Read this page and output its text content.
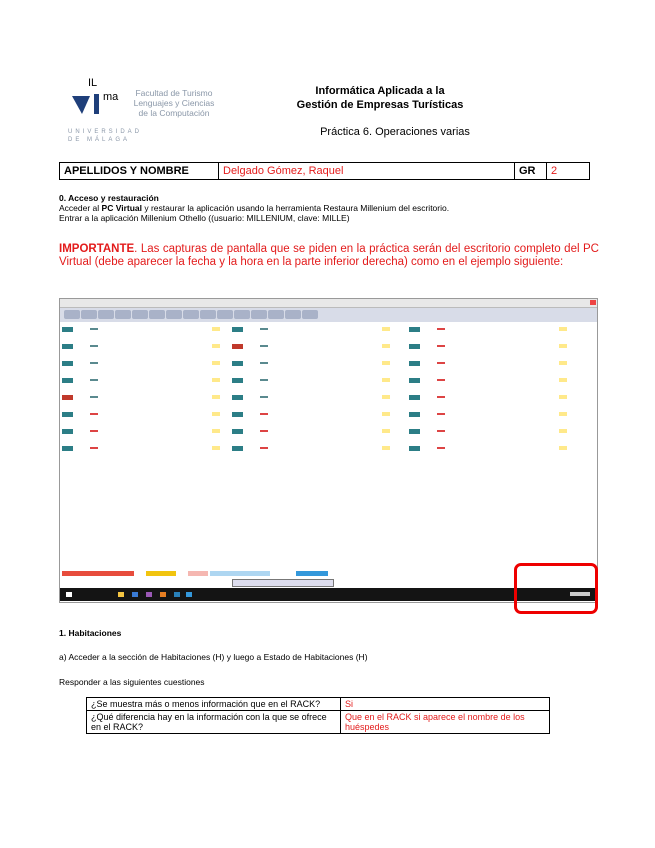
IL
ma	Facultad de Turismo
Lenguajes y Ciencias
de la Computación
UNIVERSIDAD
DE MÁLAGA
Informática Aplicada a la
Gestión de Empresas Turísticas
Práctica 6. Operaciones varias
APELLIDOS Y NOMBRE	Delgado Gómez, Raquel	GR	2
0. Acceso y restauración
Acceder al PC Virtual y restaurar la aplicación usando la herramienta Restaura Millenium del escritorio.
Entrar a la aplicación Millenium Othello ((usuario: MILLENIUM, clave: MILLE)
IMPORTANTE. Las capturas de pantalla que se piden en la práctica serán del escritorio completo del PC Virtual (debe aparecer la fecha y la hora en la parte inferior derecha) como en el ejemplo siguiente:
1. Habitaciones
a) Acceder a la sección de Habitaciones (H) y luego a Estado de Habitaciones (H)
Responder a las siguientes cuestiones
¿Se muestra más o menos información que en el RACK?	Si
¿Qué diferencia hay en la información con la que se ofrece en el RACK?	Que en el RACK si aparece el nombre de los huéspedes
